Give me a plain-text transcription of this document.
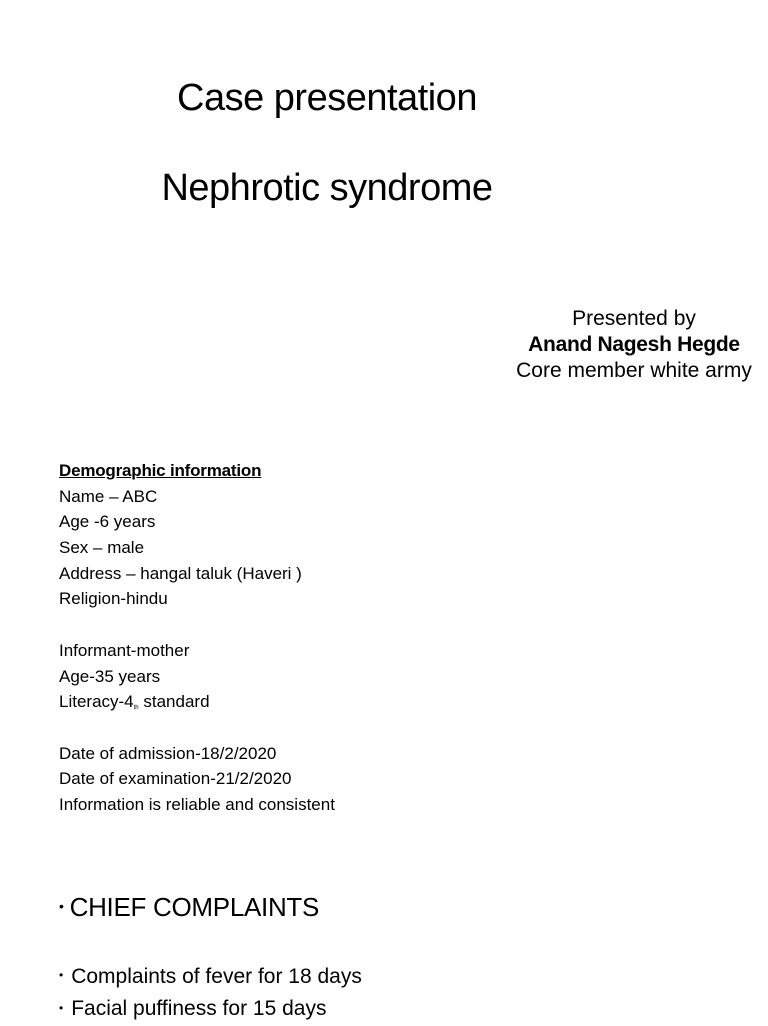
Case presentation
Nephrotic syndrome
Presented by
Anand Nagesh Hegde
Core member white army
Demographic information
Name – ABC
Age -6 years
Sex – male
Address – hangal taluk (Haveri )
Religion-hindu
Informant-mother
Age-35 years
Literacy-4th standard
Date of admission-18/2/2020
Date of examination-21/2/2020
Information is reliable and consistent
• CHIEF COMPLAINTS
• Complaints of fever for 18 days
• Facial puffiness for 15 days
